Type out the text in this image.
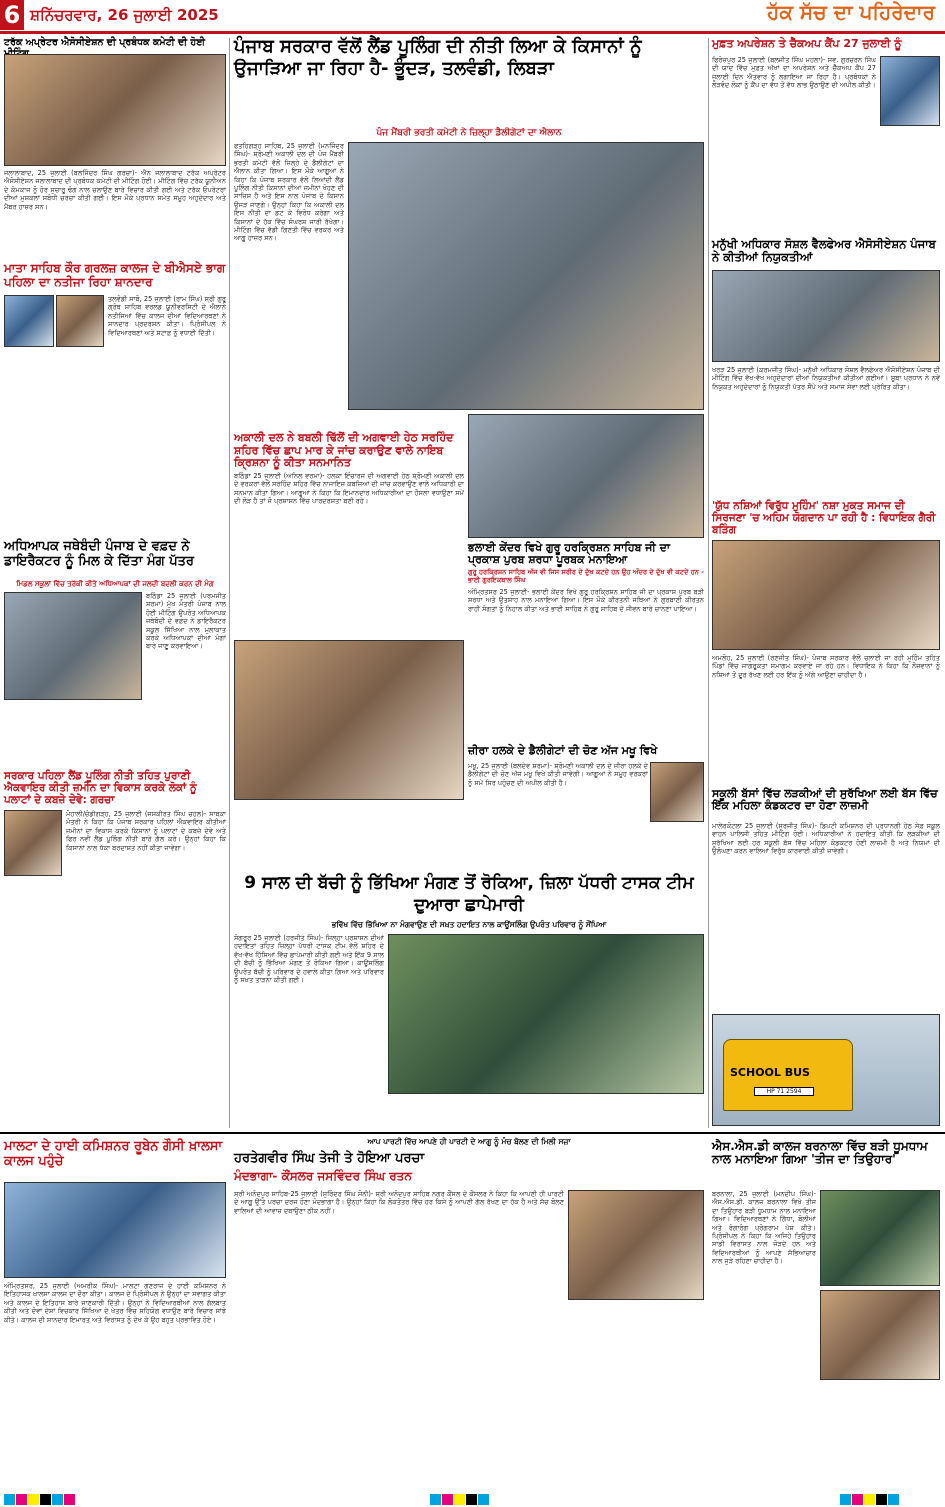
6 ਸ਼ਨਿੱਚਰਵਾਰ, 26 ਜੁਲਾਈ 2025	ਹੱਕ ਸੱਚ ਦਾ ਪਹਿਰੇਦਾਰ
ਟਰੱਕ ਅਪ੍ਰੇਟਰ ਐਸੋਸੀਏਸ਼ਨ ਦੀ ਪ੍ਰਬੰਧਕ ਕਮੇਟੀ ਦੀ ਹੋਈ
ਜਲਾਲਾਬਾਦ, 25 ਜੁਲਾਈ (ਬਲਜਿੰਦਰ ਸਿੰਘ ਗਰਚਾ)- ਐਨ ਜਲਾਲਾਬਾਦ ਟਰੱਕ ਅਪ੍ਰੇਟਰ ਐਸੋਸੀਏਸ਼ਨ ਜਲਾਲਾਬਾਦ ਦੀ ਪ੍ਰਬੰਧਕ ਕਮੇਟੀ ਦੀ ਮੀਟਿੰਗ ਹੋਈ। ਮੀਟਿੰਗ ਵਿੱਚ ਟਰੱਕ ਯੂਨੀਅਨ ਦੇ ਕੰਮਕਾਜ ਨੂੰ ਹੋਰ ਸੁਚਾਰੂ ਢੰਗ ਨਾਲ ਚਲਾਉਣ ਬਾਰੇ ਵਿਚਾਰ ਕੀਤੀ ਗਈ ਅਤੇ ਟਰੱਕ ਓਪਰੇਟਰਾਂ ਦੀਆਂ ਮੁਸ਼ਕਲਾਂ ਸਬੰਧੀ ਚਰਚਾ ਕੀਤੀ ਗਈ। ਇਸ ਮੌਕੇ ਪ੍ਰਧਾਨ ਸਮੇਤ ਸਮੂਹ ਅਹੁਦੇਦਾਰ ਅਤੇ ਮੈਂਬਰ ਹਾਜ਼ਰ ਸਨ।
ਮਾਤਾ ਸਾਹਿਬ ਕੌਰ ਗਰਲਜ਼ ਕਾਲਜ ਦੇ ਬੀਐਸਏ ਭਾਗ ਪਹਿਲਾ ਦਾ ਨਤੀਜਾ ਰਿਹਾ ਸ਼ਾਨਦਾਰ
ਤਲਵੰਡੀ ਸਾਬੋ, 25 ਜੁਲਾਈ (ਰਾਮ ਸਿੰਘ) ਸ੍ਰੀ ਗੁਰੂ ਗ੍ਰੰਥ ਸਾਹਿਬ ਵਰਲਡ ਯੂਨੀਵਰਸਿਟੀ ਦੇ ਐਲਾਨੇ ਨਤੀਜਿਆਂ ਵਿੱਚ ਕਾਲਜ ਦੀਆਂ ਵਿਦਿਆਰਥਣਾਂ ਨੇ ਸ਼ਾਨਦਾਰ ਪ੍ਰਦਰਸ਼ਨ ਕੀਤਾ। ਪ੍ਰਿੰਸੀਪਲ ਨੇ ਵਿਦਿਆਰਥਣਾਂ ਅਤੇ ਸਟਾਫ਼ ਨੂੰ ਵਧਾਈ ਦਿੱਤੀ।
ਅਧਿਆਪਕ ਜਥੇਬੰਦੀ ਪੰਜਾਬ ਦੇ ਵਫ਼ਦ ਨੇ ਡਾਇਰੈਕਟਰ ਨੂੰ ਮਿਲ ਕੇ ਦਿੱਤਾ ਮੰਗ ਪੱਤਰ
ਮਿਡਲ ਸਕੂਲਾਂ ਵਿੱਚ ਤਰੱਕੀ ਕੀਤੇ ਅਧਿਆਪਕਾਂ ਦੀ ਜਲਦੀ ਬਦਲੀ ਕਰਨ ਦੀ ਮੰਗ
ਬਠਿੰਡਾ 25 ਜੁਲਾਈ (ਪਰਮਜੀਤ ਸ਼ਰਮਾ) ਮੁੱਖ ਮੰਤਰੀ ਪੰਜਾਬ ਨਾਲ ਹੋਈ ਮੀਟਿੰਗ ਉਪਰੰਤ ਅਧਿਆਪਕ ਜਥੇਬੰਦੀ ਦੇ ਵਫ਼ਦ ਨੇ ਡਾਇਰੈਕਟਰ ਸਕੂਲ ਸਿੱਖਿਆ ਨਾਲ ਮੁਲਾਕਾਤ ਕਰਕੇ ਅਧਿਆਪਕਾਂ ਦੀਆਂ ਮੰਗਾਂ ਬਾਰੇ ਜਾਣੂ ਕਰਵਾਇਆ।
ਸਰਕਾਰ ਪਹਿਲਾ ਲੈਂਡ ਪੂਲਿੰਗ ਨੀਤੀ ਤਹਿਤ ਪੁਰਾਣੀ ਐਕਵਾਇਰ ਕੀਤੀ ਜ਼ਮੀਨ ਦਾ ਵਿਕਾਸ ਕਰਕੇ ਲੋਕਾਂ ਨੂੰ ਪਲਾਟਾਂ ਦੇ ਕਬਜ਼ੇ ਦੇਵੇ: ਗਰਚਾ
ਮੋਹਾਲੀ/ਚੰਡੀਗੜ੍ਹ, 25 ਜੁਲਾਈ (ਜਸਕੀਰਤ ਸਿੰਘ ਚਹਲ)- ਸਾਬਕਾ ਮੰਤਰੀ ਨੇ ਕਿਹਾ ਕਿ ਪੰਜਾਬ ਸਰਕਾਰ ਪਹਿਲਾਂ ਐਕਵਾਇਰ ਕੀਤੀਆਂ ਜ਼ਮੀਨਾਂ ਦਾ ਵਿਕਾਸ ਕਰਕੇ ਕਿਸਾਨਾਂ ਨੂੰ ਪਲਾਟਾਂ ਦੇ ਕਬਜ਼ੇ ਦੇਵੇ ਅਤੇ ਫਿਰ ਨਵੀਂ ਲੈਂਡ ਪੂਲਿੰਗ ਨੀਤੀ ਬਾਰੇ ਗੱਲ ਕਰੇ। ਉਨ੍ਹਾਂ ਕਿਹਾ ਕਿ ਕਿਸਾਨਾਂ ਨਾਲ ਧੱਕਾ ਬਰਦਾਸ਼ਤ ਨਹੀਂ ਕੀਤਾ ਜਾਵੇਗਾ।
ਪੰਜਾਬ ਸਰਕਾਰ ਵੱਲੋਂ ਲੈਂਡ ਪੂਲਿੰਗ ਦੀ ਨੀਤੀ ਲਿਆ ਕੇ ਕਿਸਾਨਾਂ ਨੂੰ ਉਜਾੜਿਆ ਜਾ ਰਿਹਾ ਹੈ- ਭੂੰਦੜ, ਤਲਵੰਡੀ, ਲਿਬੜਾ
ਪੰਜ ਮੈਂਬਰੀ ਭਰਤੀ ਕਮੇਟੀ ਨੇ ਜ਼ਿਲ੍ਹਾ ਡੈਲੀਗੇਟਾਂ ਦਾ ਐਲਾਨ
ਫਤਹਿਗੜ੍ਹ ਸਾਹਿਬ, 25 ਜੁਲਾਈ (ਮਨਜਿੰਦਰ ਸਿੰਘ)- ਸ਼੍ਰੋਮਣੀ ਅਕਾਲੀ ਦਲ ਦੀ ਪੰਜ ਮੈਂਬਰੀ ਭਰਤੀ ਕਮੇਟੀ ਵੱਲੋਂ ਜ਼ਿਲ੍ਹੇ ਦੇ ਡੈਲੀਗੇਟਾਂ ਦਾ ਐਲਾਨ ਕੀਤਾ ਗਿਆ। ਇਸ ਮੌਕੇ ਆਗੂਆਂ ਨੇ ਕਿਹਾ ਕਿ ਪੰਜਾਬ ਸਰਕਾਰ ਵੱਲੋਂ ਲਿਆਂਦੀ ਲੈਂਡ ਪੂਲਿੰਗ ਨੀਤੀ ਕਿਸਾਨਾਂ ਦੀਆਂ ਜ਼ਮੀਨਾਂ ਖੋਹਣ ਦੀ ਸਾਜ਼ਿਸ਼ ਹੈ ਅਤੇ ਇਸ ਨਾਲ ਪੰਜਾਬ ਦੇ ਕਿਸਾਨ ਉਜੜ ਜਾਣਗੇ। ਉਨ੍ਹਾਂ ਕਿਹਾ ਕਿ ਅਕਾਲੀ ਦਲ ਇਸ ਨੀਤੀ ਦਾ ਡਟ ਕੇ ਵਿਰੋਧ ਕਰੇਗਾ ਅਤੇ ਕਿਸਾਨਾਂ ਦੇ ਹੱਕ ਵਿੱਚ ਸੰਘਰਸ਼ ਜਾਰੀ ਰੱਖੇਗਾ। ਮੀਟਿੰਗ ਵਿੱਚ ਵੱਡੀ ਗਿਣਤੀ ਵਿੱਚ ਵਰਕਰ ਅਤੇ ਆਗੂ ਹਾਜ਼ਰ ਸਨ।
ਅਕਾਲੀ ਦਲ ਨੇ ਬਬਲੀ ਢਿੱਲੋਂ ਦੀ ਅਗਵਾਈ ਹੇਠ ਸਰਹਿੰਦ ਸ਼ਹਿਰ ਵਿੱਚ ਛਾਪ ਮਾਰ ਕੇ ਜਾਂਚ ਕਰਾਉਣ ਵਾਲੇ ਨਾਇਬ ਕ੍ਰਿਸ਼ਨਾ ਨੂੰ ਕੀਤਾ ਸਨਮਾਨਿਤ
ਬਠਿੰਡਾ 25 ਜੁਲਾਈ (ਅਨਿਲ ਵਰਮਾ)- ਹਲਕਾ ਇੰਚਾਰਜ ਦੀ ਅਗਵਾਈ ਹੇਠ ਸ਼੍ਰੋਮਣੀ ਅਕਾਲੀ ਦਲ ਦੇ ਵਰਕਰਾਂ ਵੱਲੋਂ ਸਰਹਿੰਦ ਸ਼ਹਿਰ ਵਿੱਚ ਨਾਜਾਇਜ਼ ਕਬਜ਼ਿਆਂ ਦੀ ਜਾਂਚ ਕਰਵਾਉਣ ਵਾਲੇ ਅਧਿਕਾਰੀ ਦਾ ਸਨਮਾਨ ਕੀਤਾ ਗਿਆ। ਆਗੂਆਂ ਨੇ ਕਿਹਾ ਕਿ ਇਮਾਨਦਾਰ ਅਧਿਕਾਰੀਆਂ ਦਾ ਹੌਸਲਾ ਵਧਾਉਣਾ ਸਮੇਂ ਦੀ ਲੋੜ ਹੈ ਤਾਂ ਜੋ ਪ੍ਰਸ਼ਾਸਨ ਵਿੱਚ ਪਾਰਦਰਸ਼ਤਾ ਬਣੀ ਰਹੇ।
ਭਲਾਈ ਕੇਂਦਰ ਵਿਖੇ ਗੁਰੂ ਹਰਕ੍ਰਿਸ਼ਨ ਸਾਹਿਬ ਜੀ ਦਾ ਪ੍ਰਕਾਸ਼ ਪੁਰਬ ਸ਼ਰਧਾ ਪੂਰਬਕ ਮਨਾਇਆ
ਗੁਰੂ ਹਰਕ੍ਰਿਸ਼ਨ ਸਾਹਿਬ ਅੱਜ ਵੀ ਜਿਸ ਸਰੀਰ ਦੇ ਦੁੱਖ ਕਟਦੇ ਹਨ ਉਹ ਅੰਦਰ ਦੇ ਦੁੱਖ ਵੀ ਕਟਦੇ ਹਨ - ਭਾਈ ਗੁਰਇਕਬਾਲ ਸਿੰਘ
ਅੰਮ੍ਰਿਤਸਰ 25 ਜੁਲਾਈ- ਭਲਾਈ ਕੇਂਦਰ ਵਿਖੇ ਗੁਰੂ ਹਰਕ੍ਰਿਸ਼ਨ ਸਾਹਿਬ ਜੀ ਦਾ ਪ੍ਰਕਾਸ਼ ਪੁਰਬ ਬੜੀ ਸ਼ਰਧਾ ਅਤੇ ਉਤਸ਼ਾਹ ਨਾਲ ਮਨਾਇਆ ਗਿਆ। ਇਸ ਮੌਕੇ ਕੀਰਤਨੀ ਜਥਿਆਂ ਨੇ ਗੁਰਬਾਣੀ ਕੀਰਤਨ ਰਾਹੀਂ ਸੰਗਤਾਂ ਨੂੰ ਨਿਹਾਲ ਕੀਤਾ ਅਤੇ ਭਾਈ ਸਾਹਿਬ ਨੇ ਗੁਰੂ ਸਾਹਿਬ ਦੇ ਜੀਵਨ ਬਾਰੇ ਚਾਨਣਾ ਪਾਇਆ।
ਜ਼ੀਰਾ ਹਲਕੇ ਦੇ ਡੈਲੀਗੇਟਾਂ ਦੀ ਚੋਣ ਅੱਜ ਮਖੂ ਵਿਖੇ
ਮਖੂ, 25 ਜੁਲਾਈ (ਬਲਦੇਵ ਸ਼ਰਮਾ)- ਸ਼੍ਰੋਮਣੀ ਅਕਾਲੀ ਦਲ ਦੇ ਜ਼ੀਰਾ ਹਲਕੇ ਦੇ ਡੈਲੀਗੇਟਾਂ ਦੀ ਚੋਣ ਅੱਜ ਮਖੂ ਵਿਖੇ ਕੀਤੀ ਜਾਵੇਗੀ। ਆਗੂਆਂ ਨੇ ਸਮੂਹ ਵਰਕਰਾਂ ਨੂੰ ਸਮੇਂ ਸਿਰ ਪਹੁੰਚਣ ਦੀ ਅਪੀਲ ਕੀਤੀ ਹੈ।
9 ਸਾਲ ਦੀ ਬੱਚੀ ਨੂੰ ਭਿੱਖਿਆ ਮੰਗਣ ਤੋਂ ਰੋਕਿਆ, ਜ਼ਿਲਾ ਪੱਧਰੀ ਟਾਸਕ ਟੀਮ ਦੁਆਰਾ ਛਾਪੇਮਾਰੀ
ਭਵਿੱਖ ਵਿੱਚ ਭਿੱਖਿਆ ਨਾ ਮੰਗਵਾਉਣ ਦੀ ਸਖ਼ਤ ਹਦਾਇਤ ਨਾਲ ਕਾਊਂਸਲਿੰਗ ਉਪਰੰਤ ਪਰਿਵਾਰ ਨੂੰ ਸੌਂਪਿਆ
ਸੰਗਰੂਰ 25 ਜੁਲਾਈ (ਹਰਜੀਤ ਸਿੰਘ)- ਜ਼ਿਲ੍ਹਾ ਪ੍ਰਸ਼ਾਸਨ ਦੀਆਂ ਹਦਾਇਤਾਂ ਤਹਿਤ ਜ਼ਿਲ੍ਹਾ ਪੱਧਰੀ ਟਾਸਕ ਟੀਮ ਵੱਲੋਂ ਸ਼ਹਿਰ ਦੇ ਵੱਖ-ਵੱਖ ਹਿੱਸਿਆਂ ਵਿੱਚ ਛਾਪੇਮਾਰੀ ਕੀਤੀ ਗਈ ਅਤੇ ਇੱਕ 9 ਸਾਲ ਦੀ ਬੱਚੀ ਨੂੰ ਭਿੱਖਿਆ ਮੰਗਣ ਤੋਂ ਰੋਕਿਆ ਗਿਆ। ਕਾਊਂਸਲਿੰਗ ਉਪਰੰਤ ਬੱਚੀ ਨੂੰ ਪਰਿਵਾਰ ਦੇ ਹਵਾਲੇ ਕੀਤਾ ਗਿਆ ਅਤੇ ਪਰਿਵਾਰ ਨੂੰ ਸਖ਼ਤ ਤਾੜਨਾ ਕੀਤੀ ਗਈ।
ਮੁਫ਼ਤ ਅਪਰੇਸ਼ਨ ਤੇ ਚੈੱਕਅਪ ਕੈਂਪ 27 ਜੁਲਾਈ ਨੂੰ
ਫਿਰੋਜ਼ਪੁਰ 25 ਜੁਲਾਈ (ਬਲਜੀਤ ਸਿੰਘ ਮਹਲਾ)- ਸਵ. ਗੁਰਚਰਨ ਸਿੰਘ ਦੀ ਯਾਦ ਵਿੱਚ ਮੁਫ਼ਤ ਅੱਖਾਂ ਦਾ ਅਪਰੇਸ਼ਨ ਅਤੇ ਚੈੱਕਅਪ ਕੈਂਪ 27 ਜੁਲਾਈ ਦਿਨ ਐਤਵਾਰ ਨੂੰ ਲਗਾਇਆ ਜਾ ਰਿਹਾ ਹੈ। ਪ੍ਰਬੰਧਕਾਂ ਨੇ ਲੋੜਵੰਦ ਲੋਕਾਂ ਨੂੰ ਕੈਂਪ ਦਾ ਵੱਧ ਤੋਂ ਵੱਧ ਲਾਭ ਉਠਾਉਣ ਦੀ ਅਪੀਲ ਕੀਤੀ।
ਮਨੁੱਖੀ ਅਧਿਕਾਰ ਸੋਸ਼ਲ ਵੈਲਫੇਅਰ ਐਸੋਸੀਏਸ਼ਨ ਪੰਜਾਬ ਨੇ ਕੀਤੀਆਂ ਨਿਯੁਕਤੀਆਂ
ਖਰੜ 25 ਜੁਲਾਈ (ਕਰਮਜੀਤ ਸਿੰਘ)- ਮਨੁੱਖੀ ਅਧਿਕਾਰ ਸੋਸ਼ਲ ਵੈਲਫੇਅਰ ਐਸੋਸੀਏਸ਼ਨ ਪੰਜਾਬ ਦੀ ਮੀਟਿੰਗ ਵਿੱਚ ਵੱਖ-ਵੱਖ ਅਹੁਦੇਦਾਰਾਂ ਦੀਆਂ ਨਿਯੁਕਤੀਆਂ ਕੀਤੀਆਂ ਗਈਆਂ। ਸੂਬਾ ਪ੍ਰਧਾਨ ਨੇ ਨਵੇਂ ਨਿਯੁਕਤ ਅਹੁਦੇਦਾਰਾਂ ਨੂੰ ਨਿਯੁਕਤੀ ਪੱਤਰ ਸੌਂਪੇ ਅਤੇ ਸਮਾਜ ਸੇਵਾ ਲਈ ਪ੍ਰੇਰਿਤ ਕੀਤਾ।
'ਯੁੱਧ ਨਸ਼ਿਆਂ ਵਿਰੁੱਧ ਮੁਹਿੰਮ' ਨਸ਼ਾ ਮੁਕਤ ਸਮਾਜ ਦੀ ਸਿਰਜਣਾ 'ਚ ਅਹਿਮ ਯੋਗਦਾਨ ਪਾ ਰਹੀ ਹੈ : ਵਿਧਾਇਕ ਗੈਰੀ ਬੜਿੰਗ
ਅਮਲੋਹ, 25 ਜੁਲਾਈ (ਰਣਜੀਤ ਸਿੰਘ)- ਪੰਜਾਬ ਸਰਕਾਰ ਵੱਲੋਂ ਚਲਾਈ ਜਾ ਰਹੀ ਮੁਹਿੰਮ ਤਹਿਤ ਪਿੰਡਾਂ ਵਿੱਚ ਜਾਗਰੂਕਤਾ ਸਮਾਗਮ ਕਰਵਾਏ ਜਾ ਰਹੇ ਹਨ। ਵਿਧਾਇਕ ਨੇ ਕਿਹਾ ਕਿ ਨੌਜਵਾਨਾਂ ਨੂੰ ਨਸ਼ਿਆਂ ਤੋਂ ਦੂਰ ਰੱਖਣ ਲਈ ਹਰ ਇੱਕ ਨੂੰ ਅੱਗੇ ਆਉਣਾ ਚਾਹੀਦਾ ਹੈ।
ਸਕੂਲੀ ਬੱਸਾਂ ਵਿੱਚ ਲੜਕੀਆਂ ਦੀ ਸੁਰੱਖਿਆ ਲਈ ਬੱਸ ਵਿੱਚ ਇੱਕ ਮਹਿਲਾ ਕੰਡਕਟਰ ਦਾ ਹੋਣਾ ਲਾਜ਼ਮੀ
ਮਾਲੇਰਕੋਟਲਾ 25 ਜੁਲਾਈ (ਸੁਰਜੀਤ ਸਿੰਘ)- ਡਿਪਟੀ ਕਮਿਸ਼ਨਰ ਦੀ ਪ੍ਰਧਾਨਗੀ ਹੇਠ ਸੇਫ਼ ਸਕੂਲ ਵਾਹਨ ਪਾਲਿਸੀ ਤਹਿਤ ਮੀਟਿੰਗ ਹੋਈ। ਅਧਿਕਾਰੀਆਂ ਨੇ ਹਦਾਇਤ ਕੀਤੀ ਕਿ ਲੜਕੀਆਂ ਦੀ ਸੁਰੱਖਿਆ ਲਈ ਹਰ ਸਕੂਲੀ ਬੱਸ ਵਿੱਚ ਮਹਿਲਾ ਕੰਡਕਟਰ ਹੋਣੀ ਲਾਜ਼ਮੀ ਹੈ ਅਤੇ ਨਿਯਮਾਂ ਦੀ ਉਲੰਘਣਾ ਕਰਨ ਵਾਲਿਆਂ ਵਿਰੁੱਧ ਕਾਰਵਾਈ ਕੀਤੀ ਜਾਵੇਗੀ।
SCHOOL BUS
HP 71 2594
ਮਾਲਟਾ ਦੇ ਹਾਈ ਕਮਿਸ਼ਨਰ ਰੂਬੇਨ ਗੌਸੀ ਖ਼ਾਲਸਾ ਕਾਲਜ ਪਹੁੰਚੇ
ਅੰਮ੍ਰਿਤਸਰ, 25 ਜੁਲਾਈ (ਅਮਰੀਕ ਸਿੰਘ)- ਮਾਲਟਾ ਗਣਰਾਜ ਦੇ ਹਾਈ ਕਮਿਸ਼ਨਰ ਨੇ ਇਤਿਹਾਸਕ ਖ਼ਾਲਸਾ ਕਾਲਜ ਦਾ ਦੌਰਾ ਕੀਤਾ। ਕਾਲਜ ਦੇ ਪ੍ਰਿੰਸੀਪਲ ਨੇ ਉਨ੍ਹਾਂ ਦਾ ਸਵਾਗਤ ਕੀਤਾ ਅਤੇ ਕਾਲਜ ਦੇ ਇਤਿਹਾਸ ਬਾਰੇ ਜਾਣਕਾਰੀ ਦਿੱਤੀ। ਉਨ੍ਹਾਂ ਨੇ ਵਿਦਿਆਰਥੀਆਂ ਨਾਲ ਗੱਲਬਾਤ ਕੀਤੀ ਅਤੇ ਦੋਵਾਂ ਦੇਸ਼ਾਂ ਵਿਚਕਾਰ ਸਿੱਖਿਆ ਦੇ ਖੇਤਰ ਵਿੱਚ ਸਹਿਯੋਗ ਵਧਾਉਣ ਬਾਰੇ ਵਿਚਾਰ ਸਾਂਝੇ ਕੀਤੇ। ਕਾਲਜ ਦੀ ਸ਼ਾਨਦਾਰ ਇਮਾਰਤ ਅਤੇ ਵਿਰਾਸਤ ਨੂੰ ਦੇਖ ਕੇ ਉਹ ਬਹੁਤ ਪ੍ਰਭਾਵਿਤ ਹੋਏ।
ਆਪ ਪਾਰਟੀ ਵਿੱਚ ਆਪਣੇ ਹੀ ਪਾਰਟੀ ਦੇ ਆਗੂ ਨੂੰ ਮੰਚ ਬੋਲਣ ਦੀ ਮਿਲੀ ਸਜ਼ਾ
ਹਰਤੇਗਵੀਰ ਸਿੰਘ ਤੇਜੀ ਤੇ ਹੋਇਆ ਪਰਚਾ
ਮੰਦਭਾਗਾ- ਕੌਂਸਲਰ ਜਸਵਿੰਦਰ ਸਿੰਘ ਰਤਨ
ਸ੍ਰੀ ਅਨੰਦਪੁਰ ਸਾਹਿਬ-25 ਜੁਲਾਈ (ਸੁਰਿੰਦਰ ਸਿੰਘ ਸੋਨੀ)- ਸ੍ਰੀ ਅਨੰਦਪੁਰ ਸਾਹਿਬ ਨਗਰ ਕੌਂਸਲ ਦੇ ਕੌਂਸਲਰ ਨੇ ਕਿਹਾ ਕਿ ਆਪਣੀ ਹੀ ਪਾਰਟੀ ਦੇ ਆਗੂ ਉੱਤੇ ਪਰਚਾ ਦਰਜ ਹੋਣਾ ਮੰਦਭਾਗਾ ਹੈ। ਉਨ੍ਹਾਂ ਕਿਹਾ ਕਿ ਲੋਕਤੰਤਰ ਵਿੱਚ ਹਰ ਕਿਸੇ ਨੂੰ ਆਪਣੀ ਗੱਲ ਰੱਖਣ ਦਾ ਹੱਕ ਹੈ ਅਤੇ ਸੱਚ ਬੋਲਣ ਵਾਲਿਆਂ ਦੀ ਆਵਾਜ਼ ਦਬਾਉਣਾ ਠੀਕ ਨਹੀਂ।
ਐਸ.ਐਸ.ਡੀ ਕਾਲਜ ਬਰਨਾਲਾ ਵਿੱਚ ਬੜੀ ਧੂਮਧਾਮ ਨਾਲ ਮਨਾਇਆ ਗਿਆ 'ਤੀਜ ਦਾ ਤਿਉਹਾਰ'
ਬਰਨਾਲਾ, 25 ਜੁਲਾਈ (ਮਨਦੀਪ ਸਿੰਘ)- ਐਸ.ਐਸ.ਡੀ. ਕਾਲਜ ਬਰਨਾਲਾ ਵਿਖੇ ਤੀਜ ਦਾ ਤਿਉਹਾਰ ਬੜੀ ਧੂਮਧਾਮ ਨਾਲ ਮਨਾਇਆ ਗਿਆ। ਵਿਦਿਆਰਥਣਾਂ ਨੇ ਗਿੱਧਾ, ਬੋਲੀਆਂ ਅਤੇ ਰੰਗਾਰੰਗ ਪ੍ਰੋਗਰਾਮ ਪੇਸ਼ ਕੀਤੇ। ਪ੍ਰਿੰਸੀਪਲ ਨੇ ਕਿਹਾ ਕਿ ਅਜਿਹੇ ਤਿਉਹਾਰ ਸਾਡੀ ਵਿਰਾਸਤ ਨਾਲ ਜੋੜਦੇ ਹਨ ਅਤੇ ਵਿਦਿਆਰਥੀਆਂ ਨੂੰ ਆਪਣੇ ਸੱਭਿਆਚਾਰ ਨਾਲ ਜੁੜੇ ਰਹਿਣਾ ਚਾਹੀਦਾ ਹੈ।
